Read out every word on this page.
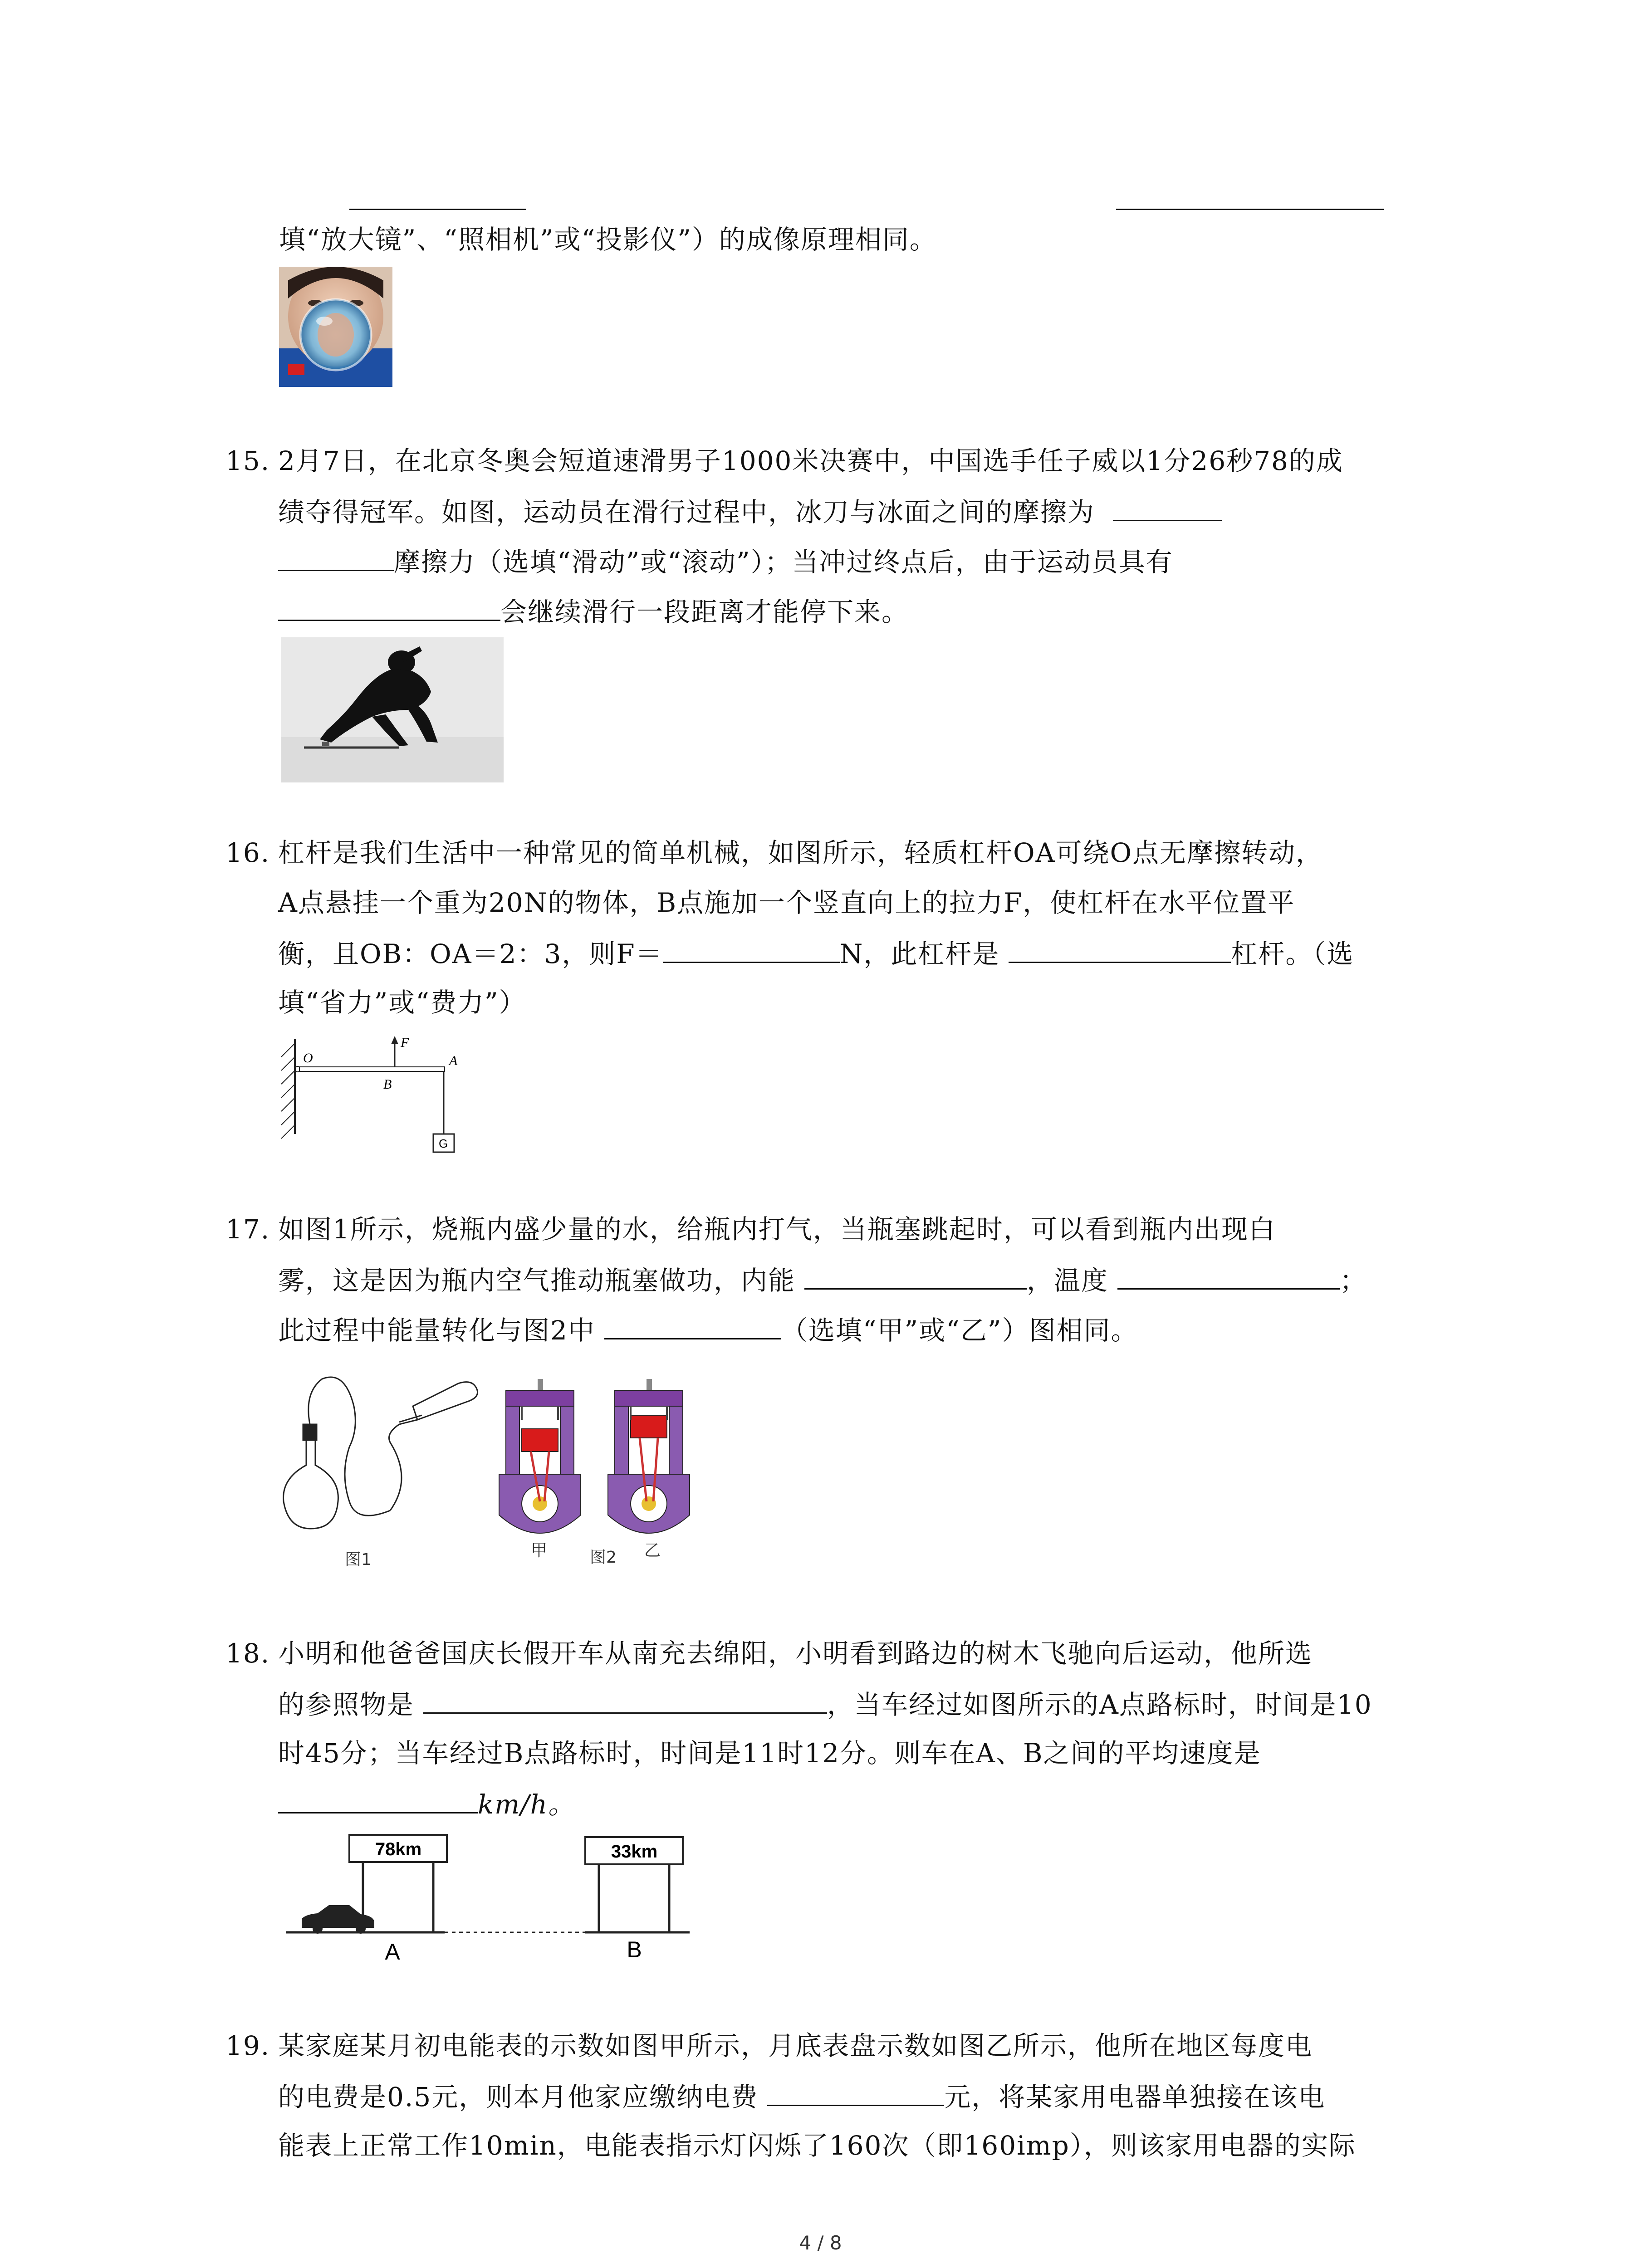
填“放大镜”、“照相机”或“投影仪”）的成像原理相同。
15. 2月7日，在北京冬奥会短道速滑男子1000米决赛中，中国选手任子威以1分26秒78的成
绩夺得冠军。如图，运动员在滑行过程中，冰刀与冰面之间的摩擦为
摩擦力（选填“滑动”或“滚动”）；当冲过终点后，由于运动员具有
会继续滑行一段距离才能停下来。
16. 杠杆是我们生活中一种常见的简单机械，如图所示，轻质杠杆OA可绕O点无摩擦转动，
A点悬挂一个重为20N的物体，B点施加一个竖直向上的拉力F，使杠杆在水平位置平
衡，且OB：OA＝2：3，则F＝	N，此杠杆是	杠杆。（选
填“省力”或“费力”）
O
F
A
B
G
17. 如图1所示，烧瓶内盛少量的水，给瓶内打气，当瓶塞跳起时，可以看到瓶内出现白
雾，这是因为瓶内空气推动瓶塞做功，内能	，温度	；
此过程中能量转化与图2中	（选填“甲”或“乙”）图相同。
图1	甲	图2 乙
18. 小明和他爸爸国庆长假开车从南充去绵阳，小明看到路边的树木飞驰向后运动，他所选
的参照物是	，当车经过如图所示的A点路标时，时间是10
时45分；当车经过B点路标时，时间是11时12分。则车在A、B之间的平均速度是
km/h。
78km	33km
A	B
19. 某家庭某月初电能表的示数如图甲所示，月底表盘示数如图乙所示，他所在地区每度电
的电费是0.5元，则本月他家应缴纳电费	元，将某家用电器单独接在该电
能表上正常工作10min，电能表指示灯闪烁了160次（即160imp），则该家用电器的实际
4 / 8
